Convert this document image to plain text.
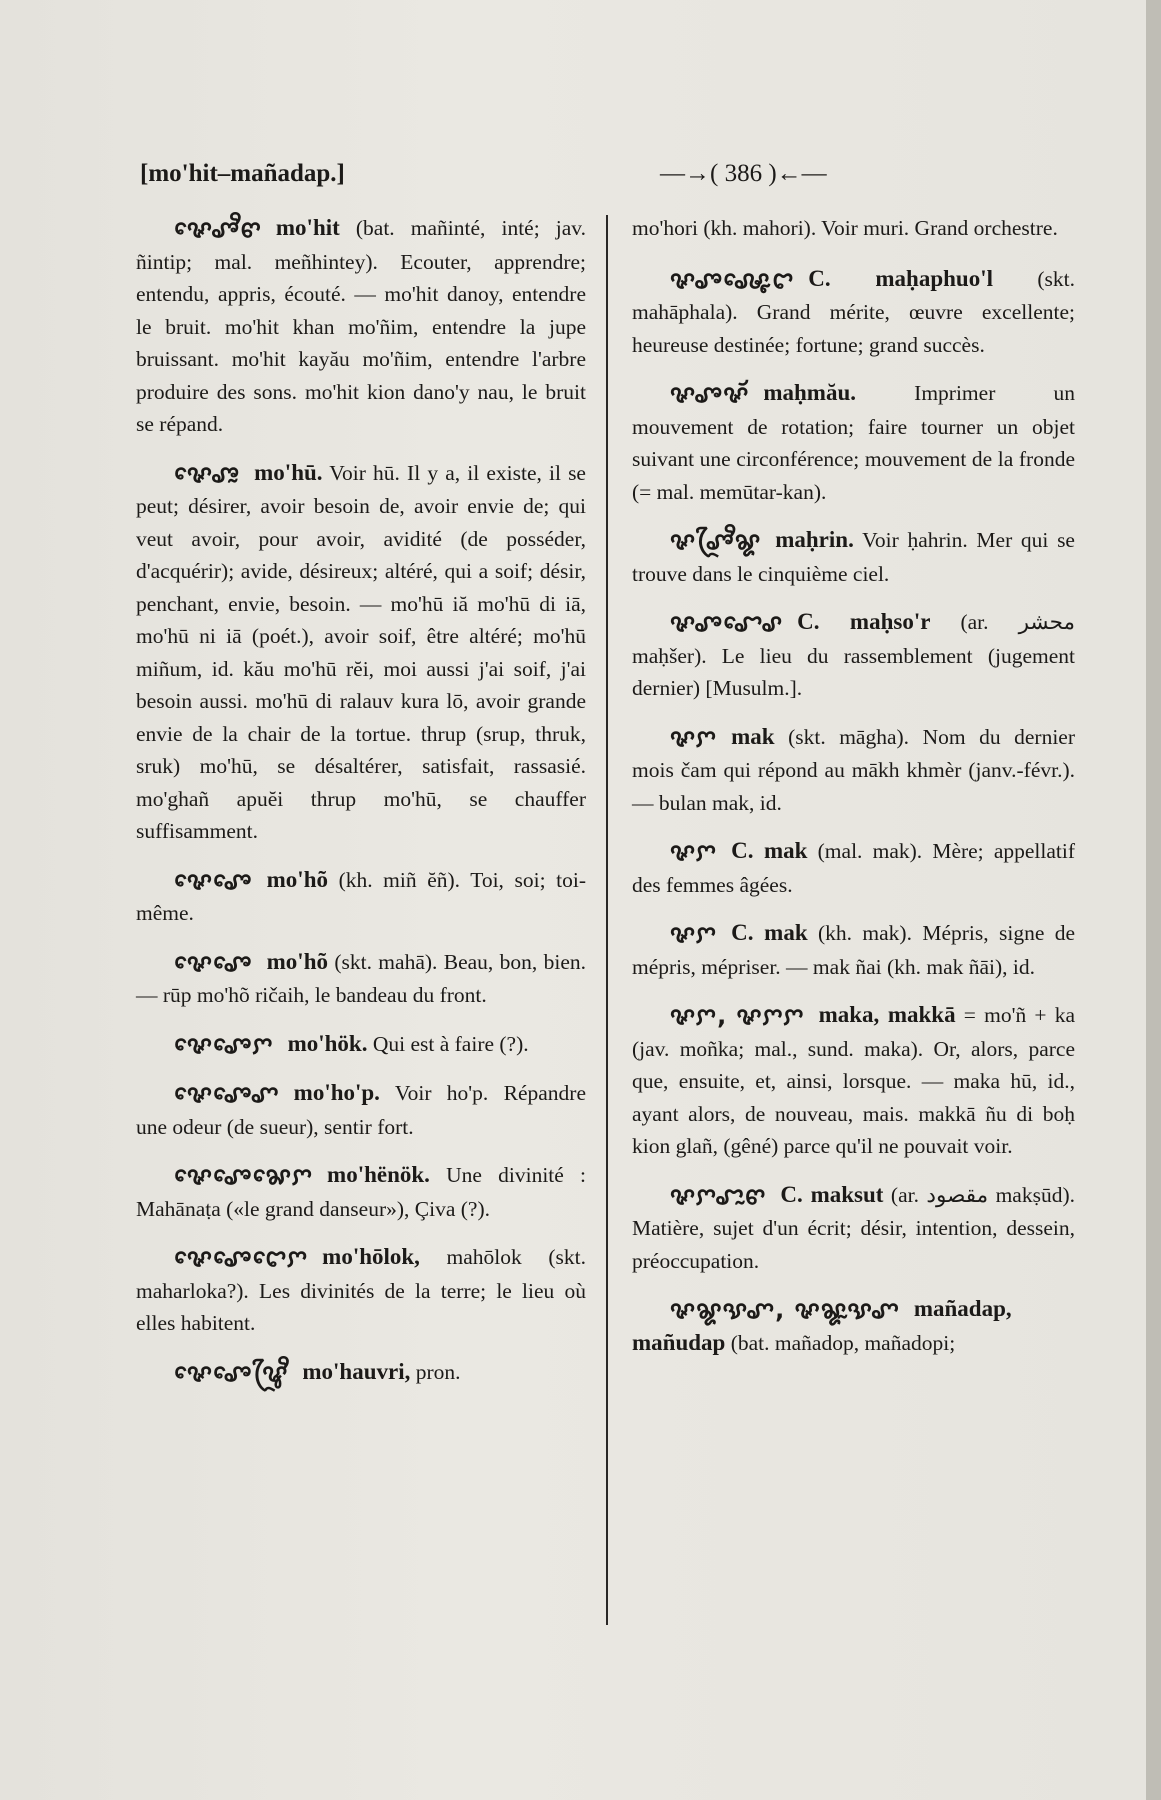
[mo'hit–mañadap.]	—→( 386 )←—

ꨟꨯꨨꨪꨓ mo'hit (bat. mañinté, inté; jav. ñintip; mal. meñhintey). Ecouter, apprendre; entendu, appris, écouté. — mo'hit danoy, entendre le bruit. mo'hit khan mo'ñim, entendre la jupe bruissant. mo'hit kayău mo'ñim, entendre l'arbre produire des sons. mo'hit kion dano'y nau, le bruit se répand.

ꨟꨯꨨꨭ mo'hū. Voir hū. Il y a, il existe, il se peut; désirer, avoir besoin de, avoir envie de; qui veut avoir, pour avoir, avidité (de posséder, d'acquérir); avide, désireux; altéré, qui a soif; désir, penchant, envie, besoin. — mo'hū iă mo'hū di iā, mo'hū ni iā (poét.), avoir soif, être altéré; mo'hū miñum, id. kău mo'hū rĕi, moi aussi j'ai soif, j'ai besoin aussi. mo'hū di ralauv kura lō, avoir grande envie de la chair de la tortue. thrup (srup, thruk, sruk) mo'hū, se désaltérer, satisfait, rassasié. mo'ghañ apuĕi thrup mo'hū, se chauffer suffisamment.

ꨟꨯꨨꨯ mo'hõ (kh. miñ ĕñ). Toi, soi; toi-même.

ꨟꨯꨨꨯ mo'hõ (skt. mahā). Beau, bon, bien. — rūp mo'hõ ričaih, le bandeau du front.

ꨟꨯꨨꨯꨆ mo'hök. Qui est à faire (?).

ꨟꨯꨨꨯꨚ mo'ho'p. Voir ho'p. Répandre une odeur (de sueur), sentir fort.

ꨟꨯꨨꨯꨗꨯꨆ mo'hënök. Une divinité : Mahānaṭa («le grand danseur»), Çiva (?).

ꨟꨯꨨꨯꨤꨯꨆ mo'hōlok, mahōlok (skt. maharloka?). Les divinités de la terre; le lieu où elles habitent.

ꨟꨯꨨꨯꨥꨴꨪ mo'hauvri, pron.

mo'hori (kh. mahori). Voir muri. Grand orchestre.

ꨟꨨꨜꨵꨯꨤ C. maḥaphuo'l (skt. mahāphala). Grand mérite, œuvre excellente; heureuse destinée; fortune; grand succès.

ꨟꨨꨟꨮ maḥmău.	Imprimer un mouvement de rotation; faire tourner un objet suivant une circonférence; mouvement de la fronde (= mal. memūtar-kan).

ꨟꨨꨴꨪꨘ maḥrin. Voir ḥahrin. Mer qui se trouve dans le cinquième ciel.

ꨟꨨꨧꨯꨣ C. maḥso'r (ar. محشر maḥšer). Le lieu du rassemblement (jugement dernier) [Musulm.].

ꨟꨆ mak (skt. māgha). Nom du dernier mois čam qui répond au mākh khmèr (janv.-févr.). — bulan mak, id.

ꨟꨆ C. mak (mal. mak). Mère; appellatif des femmes âgées.

ꨟꨆ C. mak (kh. mak). Mépris, signe de mépris, mépriser. — mak ñai (kh. mak ñāi), id.

ꨟꨆ, ꨟꨆꨆ maka, makkā = mo'ñ + ka (jav. moñka; mal., sund. maka). Or, alors, parce que, ensuite, et, ainsi, lorsque. — maka hū, id., ayant alors, de nouveau, mais. makkā ñu di boḥ kion glañ, (gêné) parce qu'il ne pouvait voir.

ꨟꨆꨧꨭꨓ C. maksut (ar. مقصود makṣūd). Matière, sujet d'un écrit; désir, intention, dessein, préoccupation.

ꨟꨘꨕꨚ, ꨟꨘꨭꨕꨚ mañadap, mañudap (bat. mañadop, mañadopi;
